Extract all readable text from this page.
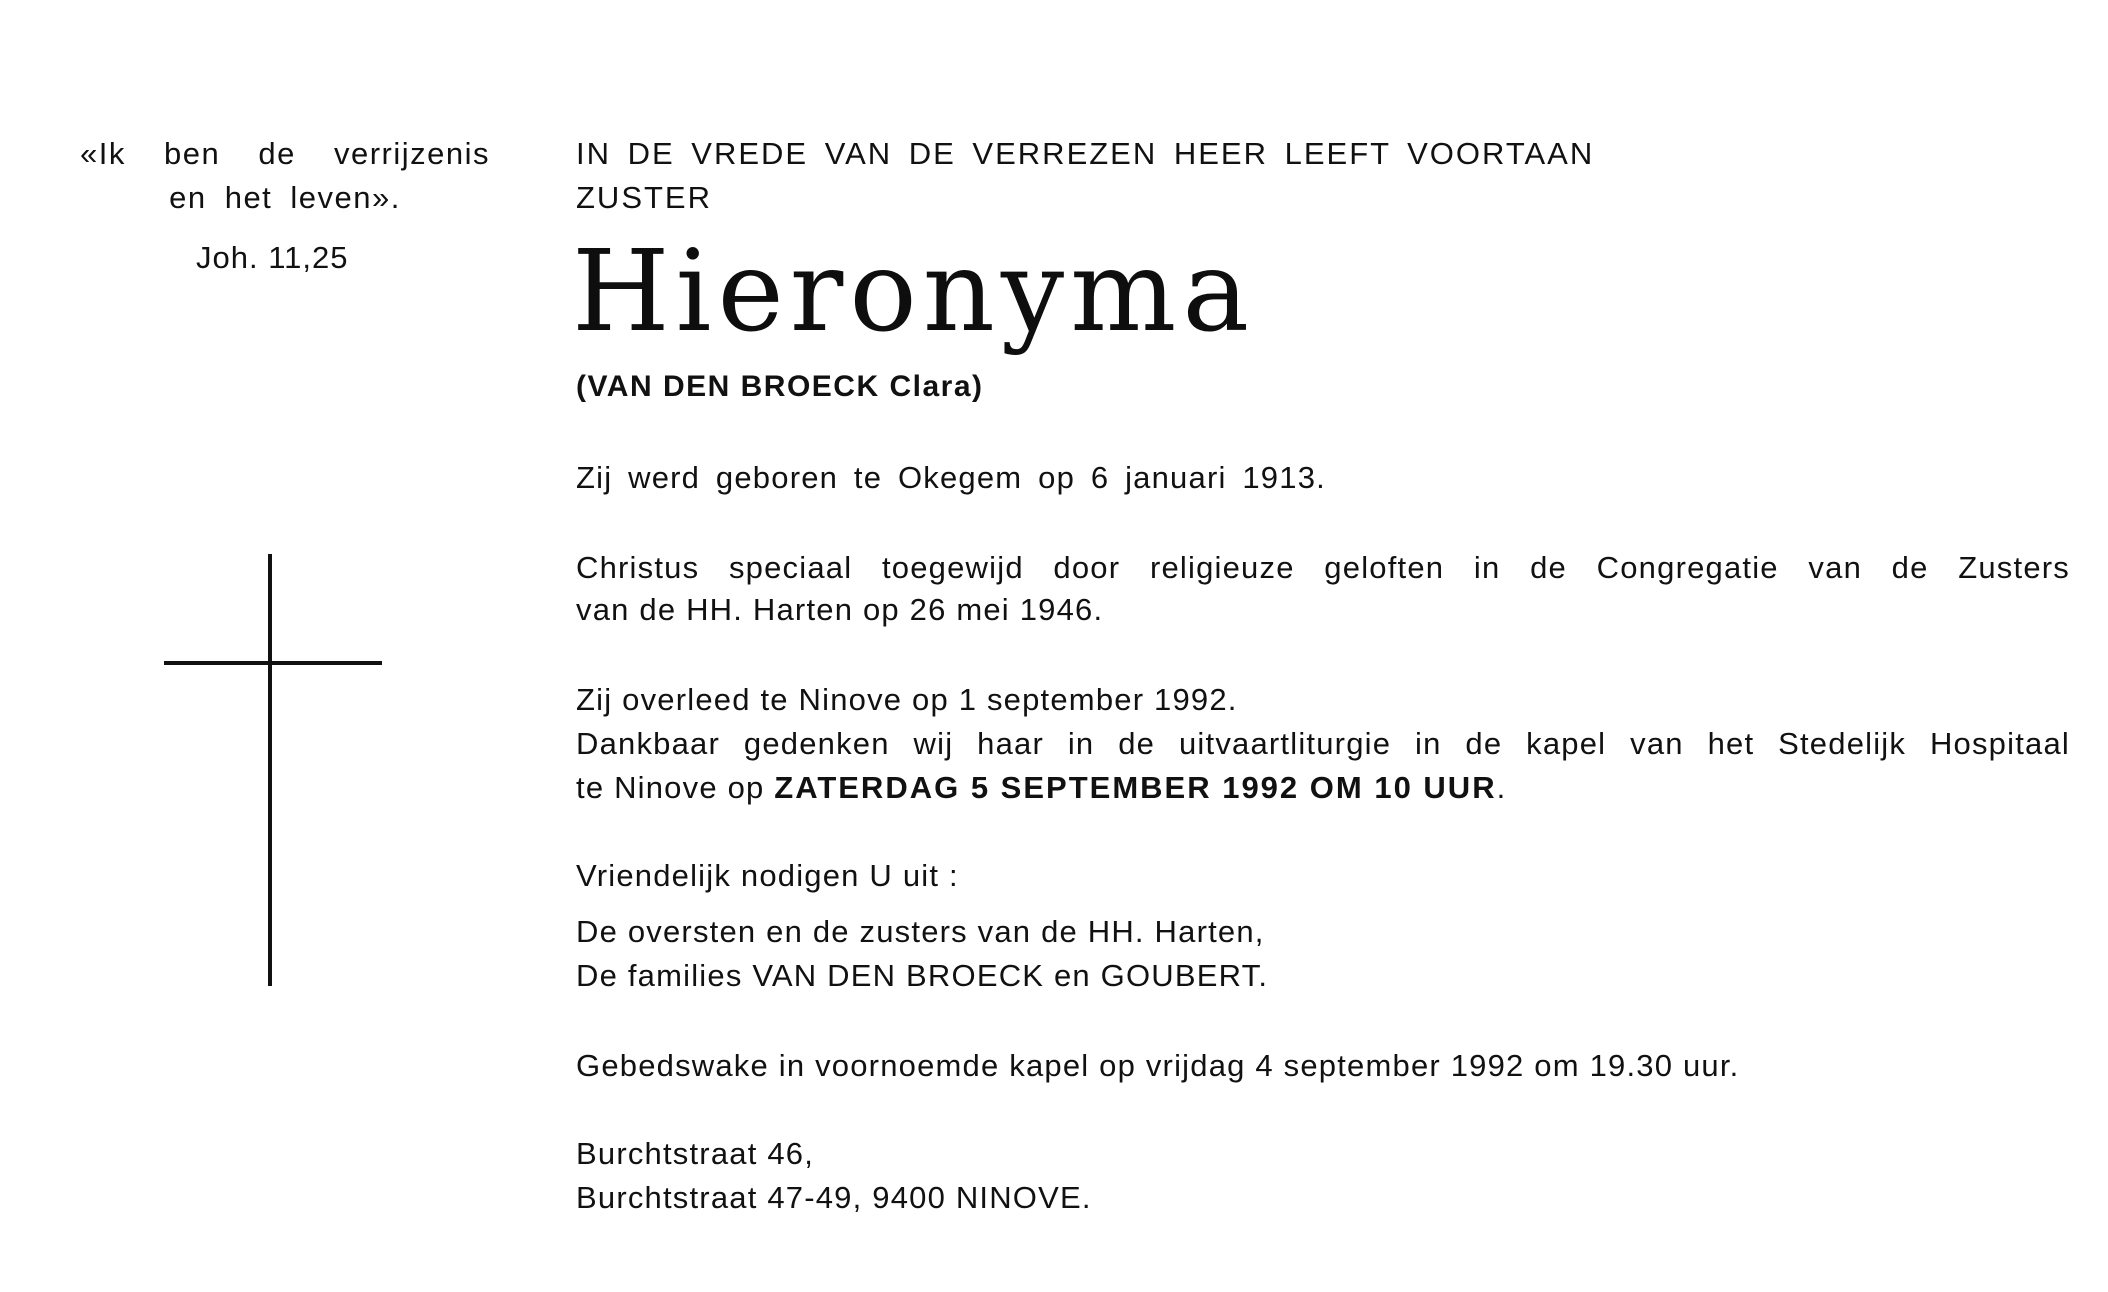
«Ik ben de verrijzenis
en het leven».
Joh. 11,25
IN DE VREDE VAN DE VERREZEN HEER LEEFT VOORTAAN
ZUSTER
Hieronyma
(VAN DEN BROECK Clara)
Zij werd geboren te Okegem op 6 januari 1913.
Christus speciaal toegewijd door religieuze geloften in de Congregatie van de Zusters
van de HH. Harten op 26 mei 1946.
Zij overleed te Ninove op 1 september 1992.
Dankbaar gedenken wij haar in de uitvaartliturgie in de kapel van het Stedelijk Hospitaal
te Ninove op ZATERDAG 5 SEPTEMBER 1992 OM 10 UUR.
Vriendelijk nodigen U uit :
De oversten en de zusters van de HH. Harten,
De families VAN DEN BROECK en GOUBERT.
Gebedswake in voornoemde kapel op vrijdag 4 september 1992 om 19.30 uur.
Burchtstraat 46,
Burchtstraat 47-49, 9400 NINOVE.
